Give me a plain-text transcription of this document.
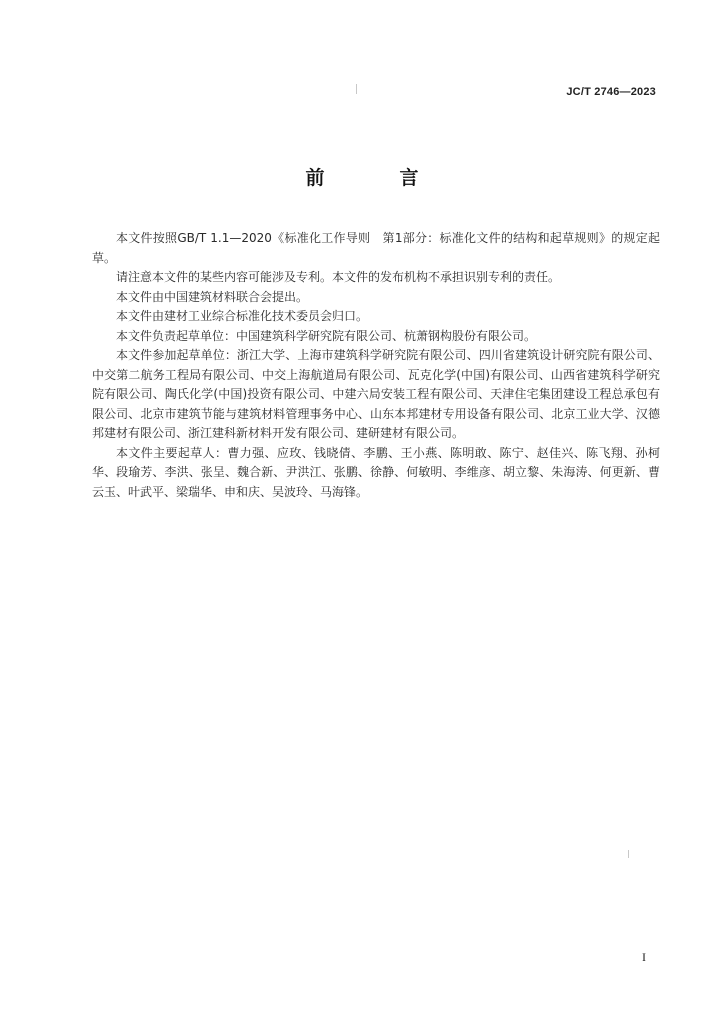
JC/T 2746—2023
前　言

本文件按照GB/T 1.1—2020《标准化工作导则　第1部分：标准化文件的结构和起草规则》的规定起草。

请注意本文件的某些内容可能涉及专利。本文件的发布机构不承担识别专利的责任。

本文件由中国建筑材料联合会提出。

本文件由建材工业综合标准化技术委员会归口。

本文件负责起草单位：中国建筑科学研究院有限公司、杭萧钢构股份有限公司。

本文件参加起草单位：浙江大学、上海市建筑科学研究院有限公司、四川省建筑设计研究院有限公司、中交第二航务工程局有限公司、中交上海航道局有限公司、瓦克化学(中国)有限公司、山西省建筑科学研究院有限公司、陶氏化学(中国)投资有限公司、中建六局安装工程有限公司、天津住宅集团建设工程总承包有限公司、北京市建筑节能与建筑材料管理事务中心、山东本邦建材专用设备有限公司、北京工业大学、汉德邦建材有限公司、浙江建科新材料开发有限公司、建研建材有限公司。

本文件主要起草人：曹力强、应玫、钱晓倩、李鹏、王小燕、陈明敢、陈宁、赵佳兴、陈飞翔、孙柯华、段瑜芳、李洪、张呈、魏合新、尹洪江、张鹏、徐静、何敏明、李维彦、胡立黎、朱海涛、何更新、曹云玉、叶武平、梁瑞华、申和庆、吴波玲、马海锋。

I
